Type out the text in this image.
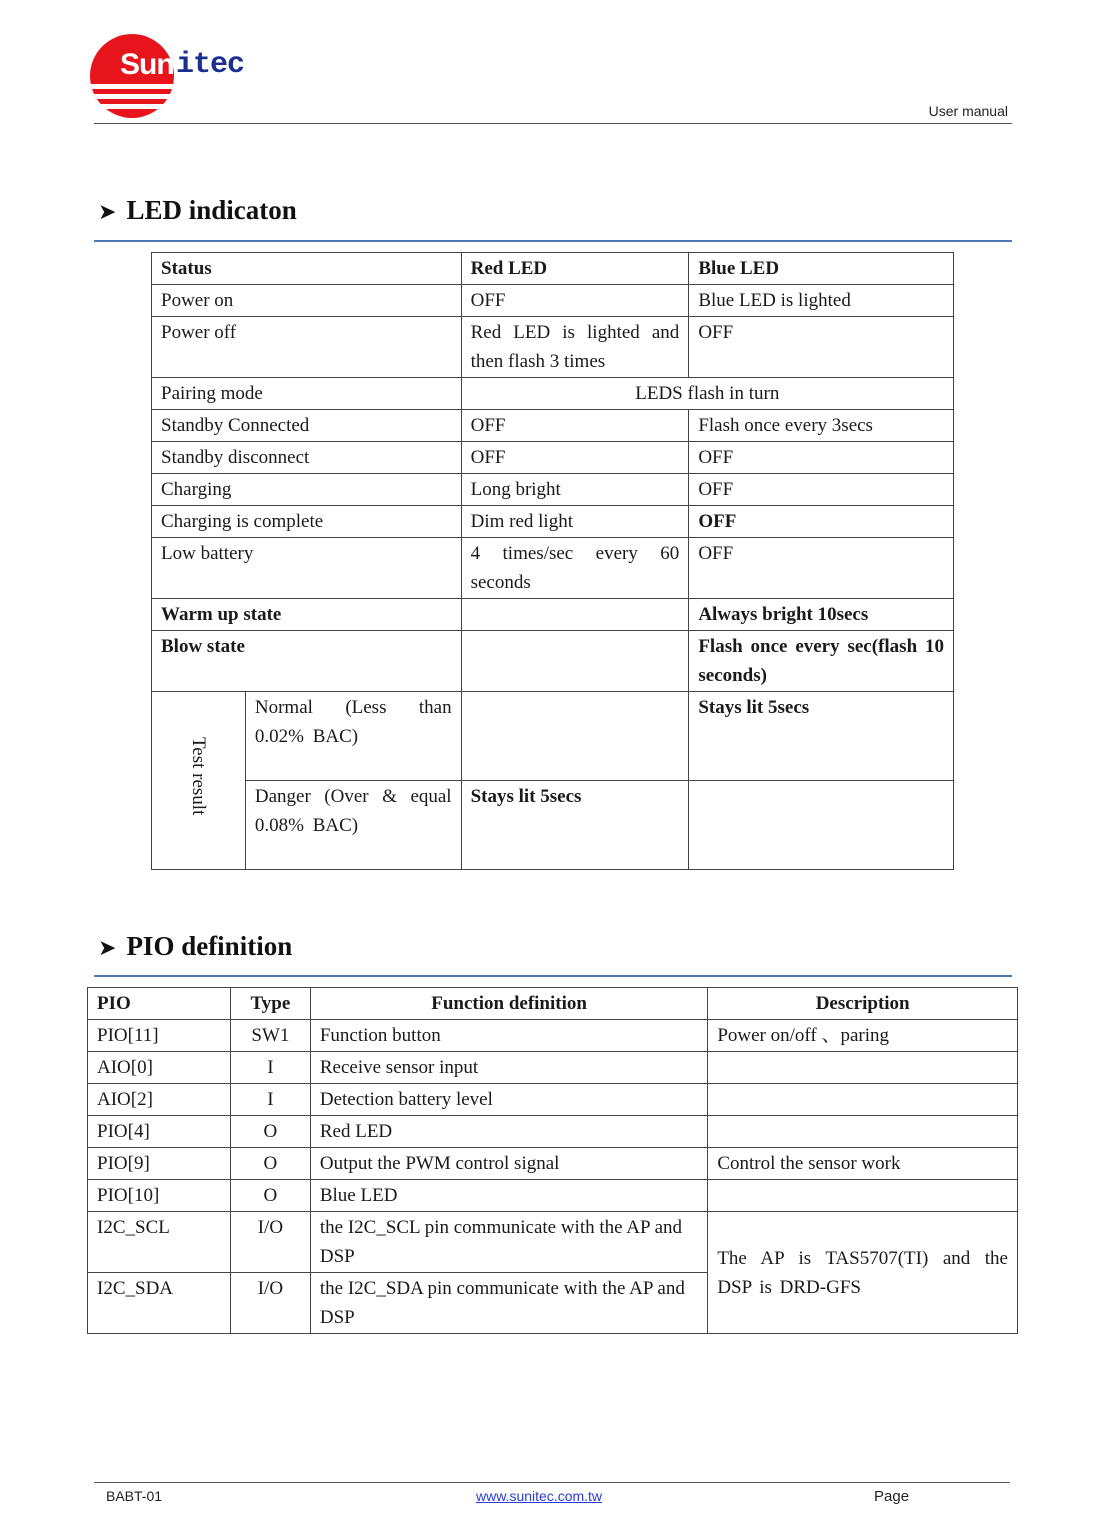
Sun itec
User manual
➤ LED indicaton
Status		Red LED	Blue LED
Power on		OFF	Blue LED is lighted
Power off		Red LED is lighted and then flash 3 times	OFF
Pairing mode		LEDS flash in turn	
Standby Connected		OFF	Flash once every 3secs
Standby disconnect		OFF	OFF
Charging		Long bright	OFF
Charging is complete		Dim red light	OFF
Low battery		4 times/sec every 60 seconds	OFF
Warm up state			Always bright 10secs
Blow state			Flash once every sec(flash 10 seconds)
Test result	Normal (Less than 0.02% BAC)		Stays lit 5secs
	Danger (Over & equal 0.08% BAC)	Stays lit 5secs	
➤ PIO definition
PIO	Type	Function definition	Description
PIO[11]	SW1	Function button	Power on/off 、paring
AIO[0]	I	Receive sensor input	
AIO[2]	I	Detection battery level	
PIO[4]	O	Red LED	
PIO[9]	O	Output the PWM control signal	Control the sensor work
PIO[10]	O	Blue LED	
I2C_SCL	I/O	the I2C_SCL pin communicate with the AP and DSP	The AP is TAS5707(TI) and the DSP is DRD-GFS
I2C_SDA	I/O	the I2C_SDA pin communicate with the AP and DSP	
BABT-01	www.sunitec.com.tw	Page
